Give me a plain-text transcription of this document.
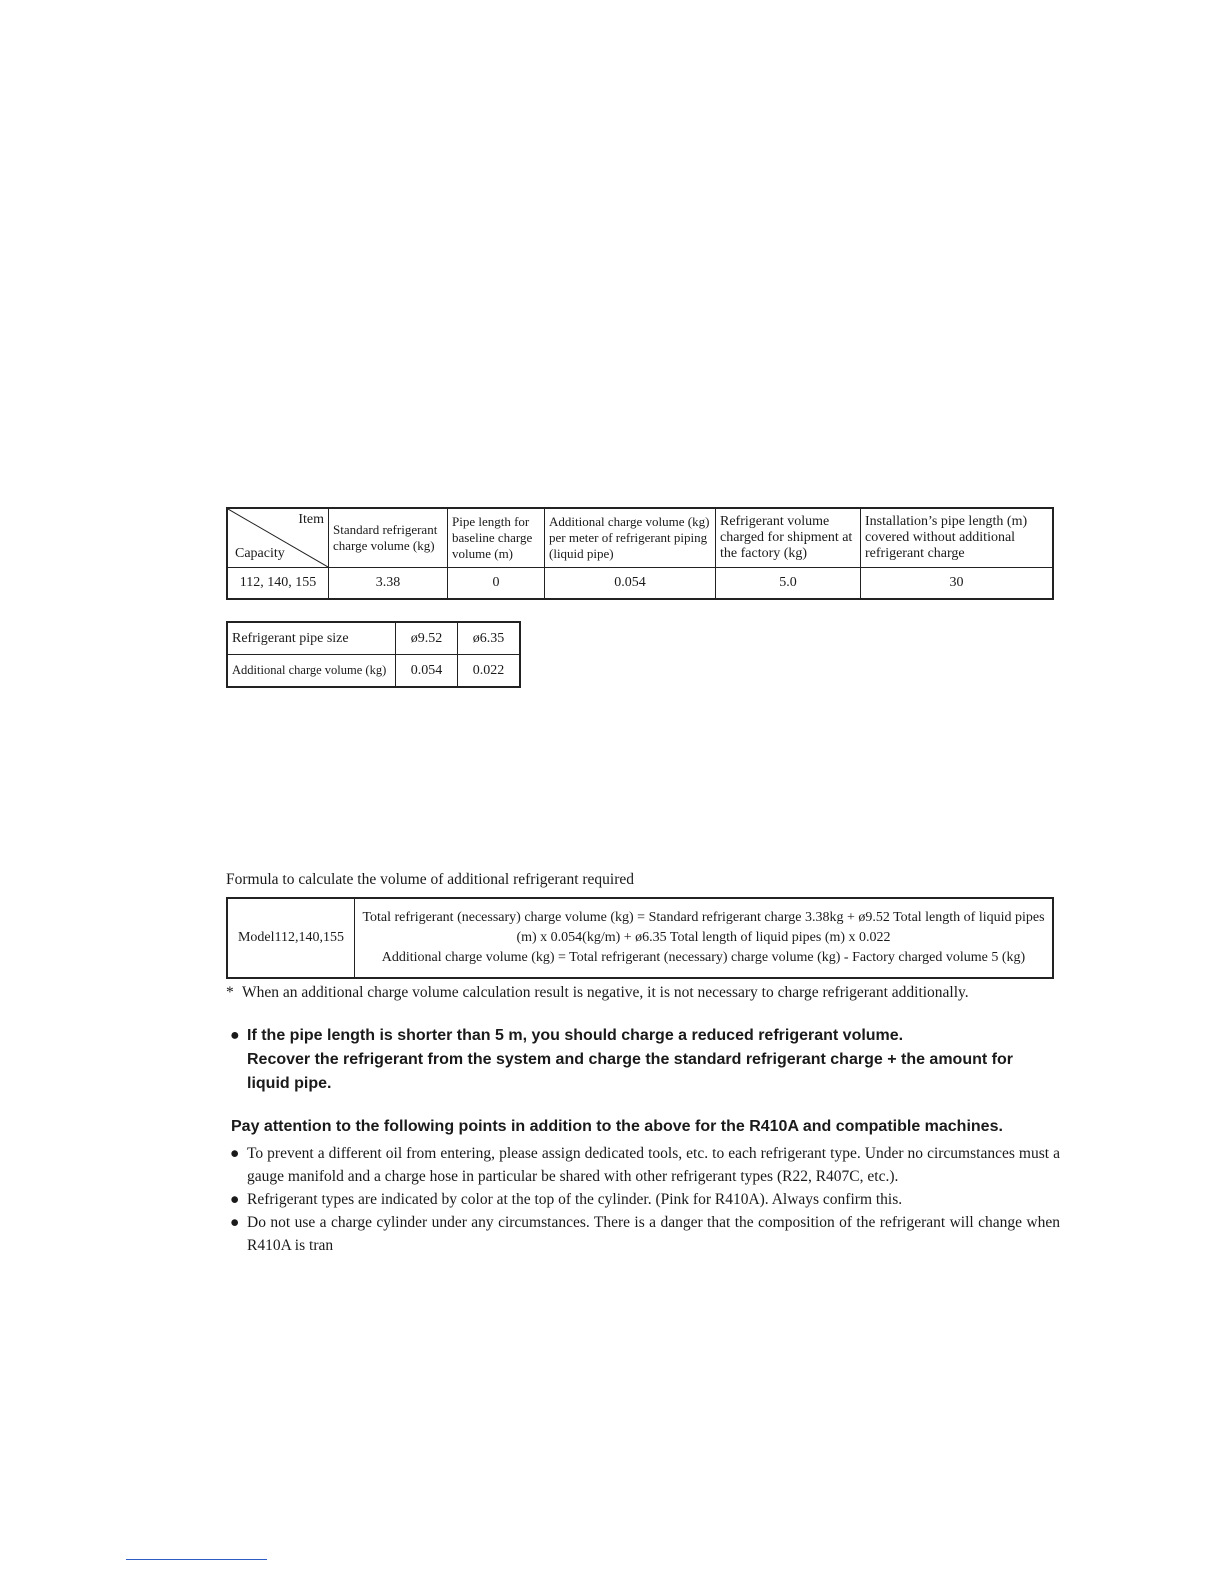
Item
Capacity	Standard refrigerant charge volume (kg)	Pipe length for baseline charge volume (m)	Additional charge volume (kg) per meter of refrigerant piping (liquid pipe)	Refrigerant volume charged for shipment at the factory (kg)	Installation’s pipe length (m) covered without additional refrigerant charge
112, 140, 155	3.38	0	0.054	5.0	30
Refrigerant pipe size	ø9.52	ø6.35
Additional charge volume (kg)	0.054	0.022
Formula to calculate the volume of additional refrigerant required
Model112,140,155	
Total refrigerant (necessary) charge volume (kg) = Standard refrigerant charge 3.38kg + ø9.52 Total length of liquid pipes (m) x 0.054(kg/m) + ø6.35 Total length of liquid pipes (m) x 0.022
Additional charge volume (kg) = Total refrigerant (necessary) charge volume (kg) - Factory charged volume 5 (kg)
* When an additional charge volume calculation result is negative, it is not necessary to charge refrigerant additionally.
● If the pipe length is shorter than 5 m, you should charge a reduced refrigerant volume.
Recover the refrigerant from the system and charge the standard refrigerant charge + the amount for liquid pipe.
Pay attention to the following points in addition to the above for the R410A and compatible machines.
● To prevent a different oil from entering, please assign dedicated tools, etc. to each refrigerant type. Under no circumstances must a gauge manifold and a charge hose in particular be shared with other refrigerant types (R22, R407C, etc.).
● Refrigerant types are indicated by color at the top of the cylinder. (Pink for R410A). Always confirm this.
● Do not use a charge cylinder under any circumstances. There is a danger that the composition of the refrigerant will change when R410A is tran
